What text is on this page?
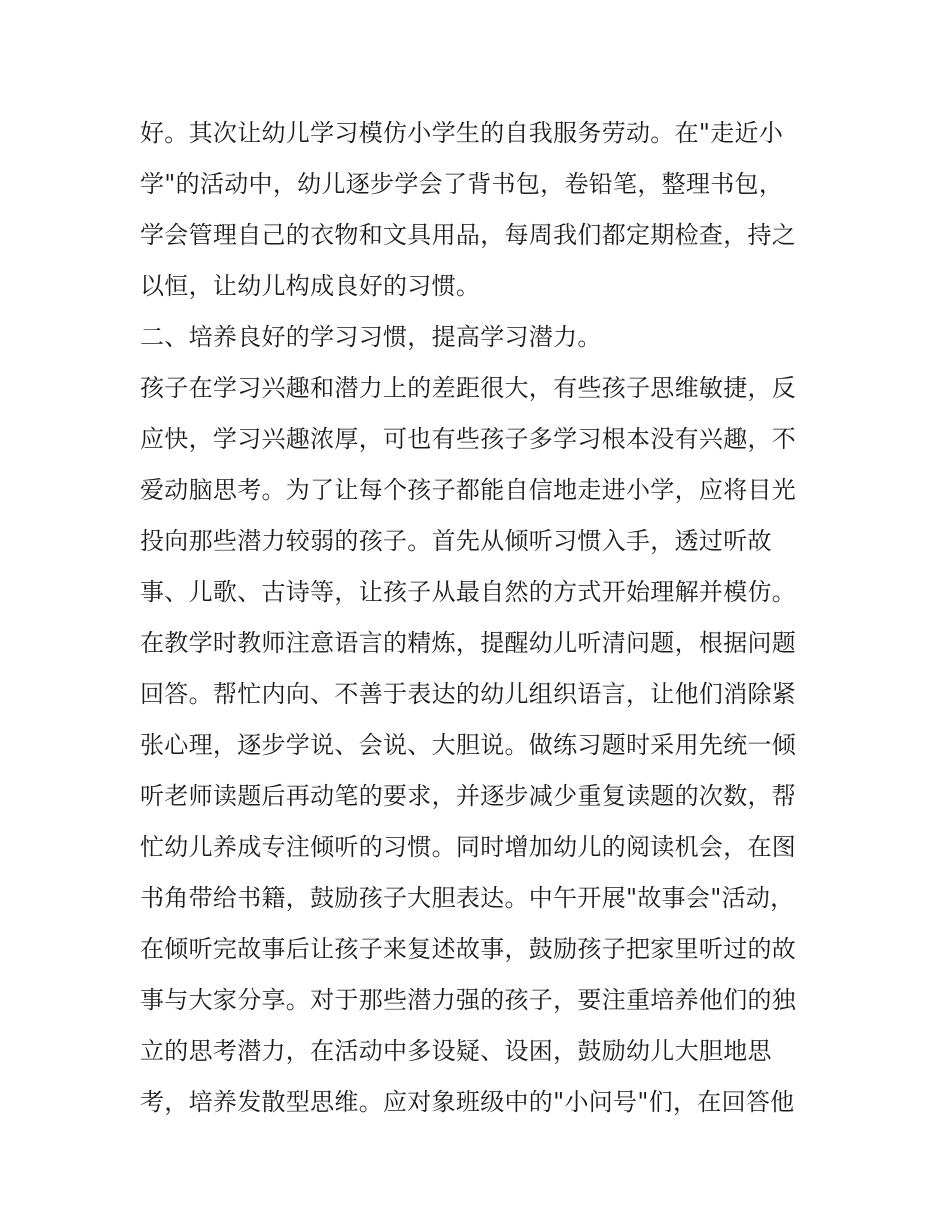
好。其次让幼儿学习模仿小学生的自我服务劳动。在"走近小
学"的活动中，幼儿逐步学会了背书包，卷铅笔，整理书包，
学会管理自己的衣物和文具用品，每周我们都定期检查，持之
以恒，让幼儿构成良好的习惯。
二、培养良好的学习习惯，提高学习潜力。
孩子在学习兴趣和潜力上的差距很大，有些孩子思维敏捷，反
应快，学习兴趣浓厚，可也有些孩子多学习根本没有兴趣，不
爱动脑思考。为了让每个孩子都能自信地走进小学，应将目光
投向那些潜力较弱的孩子。首先从倾听习惯入手，透过听故
事、儿歌、古诗等，让孩子从最自然的方式开始理解并模仿。
在教学时教师注意语言的精炼，提醒幼儿听清问题，根据问题
回答。帮忙内向、不善于表达的幼儿组织语言，让他们消除紧
张心理，逐步学说、会说、大胆说。做练习题时采用先统一倾
听老师读题后再动笔的要求，并逐步减少重复读题的次数，帮
忙幼儿养成专注倾听的习惯。同时增加幼儿的阅读机会，在图
书角带给书籍，鼓励孩子大胆表达。中午开展"故事会"活动，
在倾听完故事后让孩子来复述故事，鼓励孩子把家里听过的故
事与大家分享。对于那些潜力强的孩子，要注重培养他们的独
立的思考潜力，在活动中多设疑、设困，鼓励幼儿大胆地思
考，培养发散型思维。应对象班级中的"小问号"们，在回答他
